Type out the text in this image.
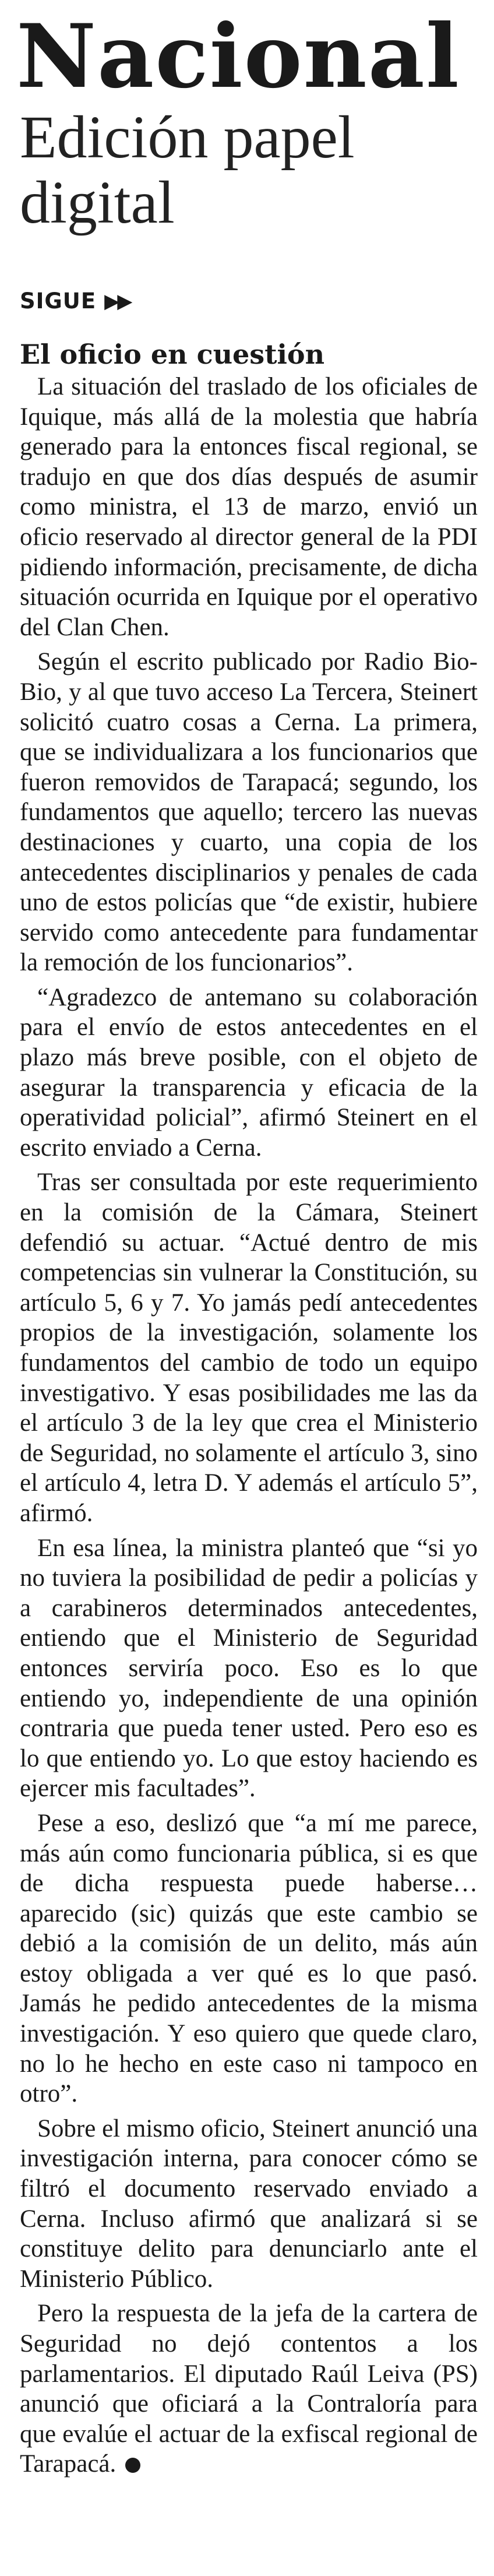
Nacional
Edición papel digital
SIGUE ▶▶
El oficio en cuestión

La situación del traslado de los oficiales de Iquique, más allá de la molestia que habría generado para la entonces fiscal regional, se tradujo en que dos días después de asumir como ministra, el 13 de marzo, envió un oficio reservado al director general de la PDI pidiendo información, precisamente, de dicha situación ocurrida en Iquique por el operativo del Clan Chen.

Según el escrito publicado por Radio Bio-Bio, y al que tuvo acceso La Tercera, Steinert solicitó cuatro cosas a Cerna. La primera, que se individualizara a los funcionarios que fueron removidos de Tarapacá; segundo, los fundamentos que aquello; tercero las nuevas destinaciones y cuarto, una copia de los antecedentes disciplinarios y penales de cada uno de estos policías que “de existir, hubiere servido como antecedente para fundamentar la remoción de los funcionarios”.

“Agradezco de antemano su colaboración para el envío de estos antecedentes en el plazo más breve posible, con el objeto de asegurar la transparencia y eficacia de la operatividad policial”, afirmó Steinert en el escrito enviado a Cerna.

Tras ser consultada por este requerimiento en la comisión de la Cámara, Steinert defendió su actuar. “Actué dentro de mis competencias sin vulnerar la Constitución, su artículo 5, 6 y 7. Yo jamás pedí antecedentes propios de la investigación, solamente los fundamentos del cambio de todo un equipo investigativo. Y esas posibilidades me las da el artículo 3 de la ley que crea el Ministerio de Seguridad, no solamente el artículo 3, sino el artículo 4, letra D. Y además el artículo 5”, afirmó.

En esa línea, la ministra planteó que “si yo no tuviera la posibilidad de pedir a policías y a carabineros determinados antecedentes, entiendo que el Ministerio de Seguridad entonces serviría poco. Eso es lo que entiendo yo, independiente de una opinión contraria que pueda tener usted. Pero eso es lo que entiendo yo. Lo que estoy haciendo es ejercer mis facultades”.

Pese a eso, deslizó que “a mí me parece, más aún como funcionaria pública, si es que de dicha respuesta puede haberse… aparecido (sic) quizás que este cambio se debió a la comisión de un delito, más aún estoy obligada a ver qué es lo que pasó. Jamás he pedido antecedentes de la misma investigación. Y eso quiero que quede claro, no lo he hecho en este caso ni tampoco en otro”.

Sobre el mismo oficio, Steinert anunció una investigación interna, para conocer cómo se filtró el documento reservado enviado a Cerna. Incluso afirmó que analizará si se constituye delito para denunciarlo ante el Ministerio Público.

Pero la respuesta de la jefa de la cartera de Seguridad no dejó contentos a los parlamentarios. El diputado Raúl Leiva (PS) anunció que oficiará a la Contraloría para que evalúe el actuar de la exfiscal regional de Tarapacá.
